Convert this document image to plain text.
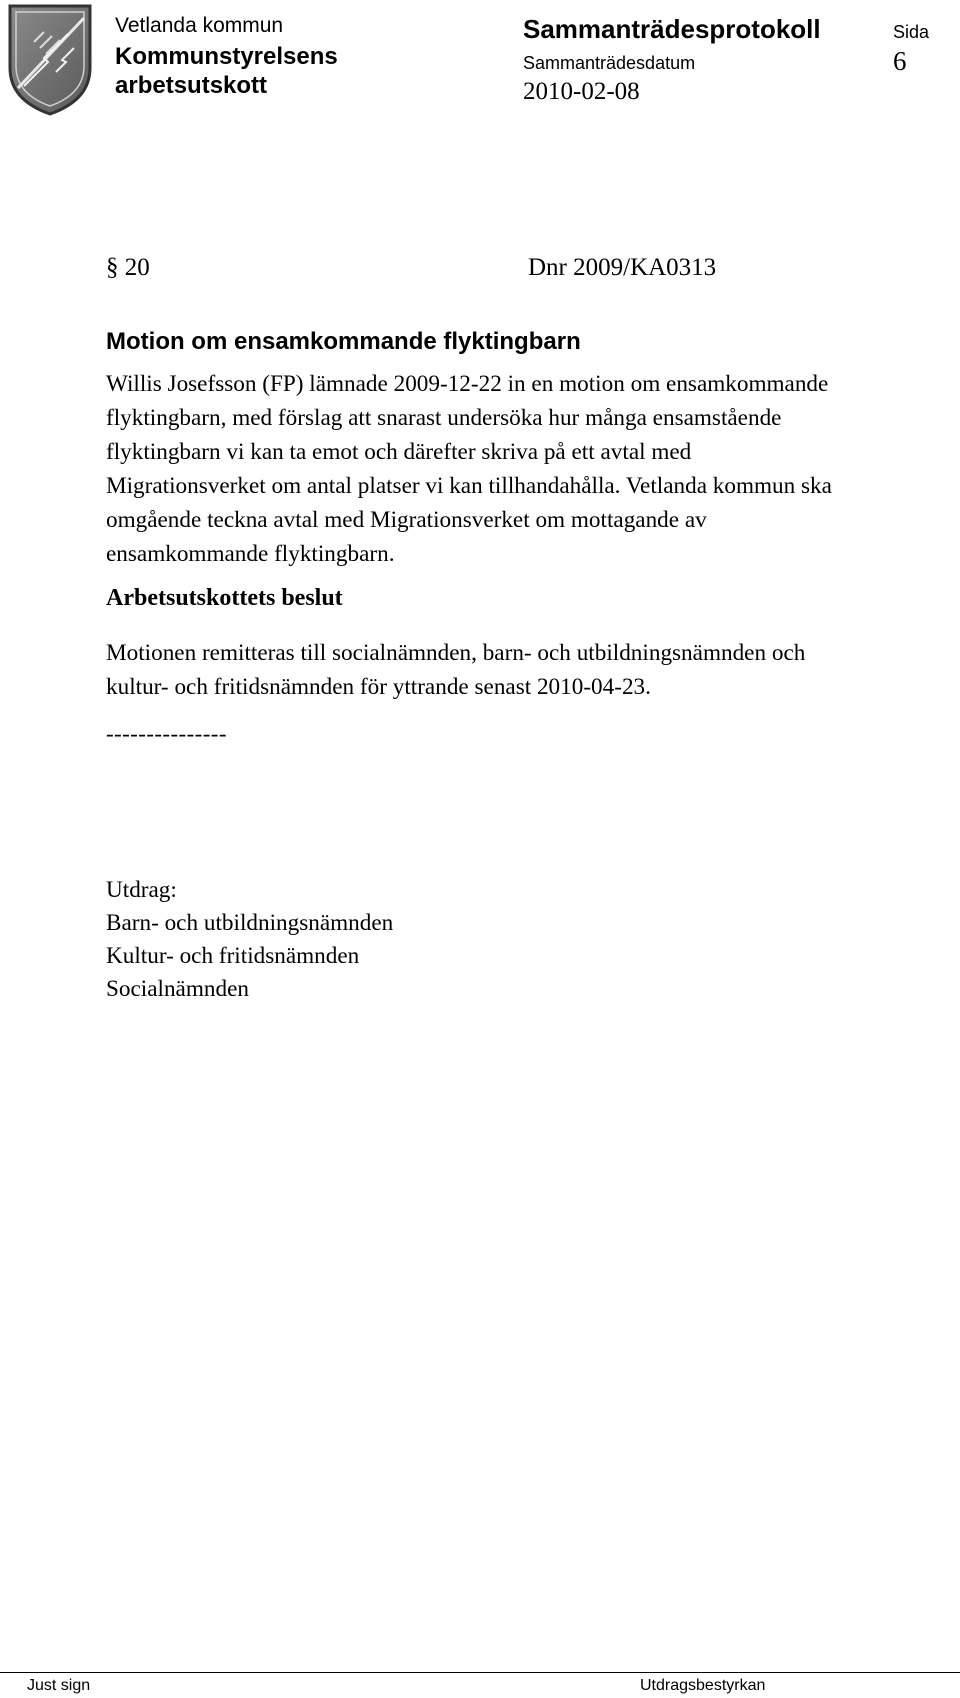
Vetlanda kommun
Kommunstyrelsens
arbetsutskott
Sammanträdesprotokoll
Sammanträdesdatum
2010-02-08
Sida
6
§ 20	Dnr 2009/KA0313
Motion om ensamkommande flyktingbarn
Willis Josefsson (FP) lämnade 2009-12-22 in en motion om ensamkommande
flyktingbarn, med förslag att snarast undersöka hur många ensamstående
flyktingbarn vi kan ta emot och därefter skriva på ett avtal med
Migrationsverket om antal platser vi kan tillhandahålla. Vetlanda kommun ska
omgående teckna avtal med Migrationsverket om mottagande av
ensamkommande flyktingbarn.
Arbetsutskottets beslut
Motionen remitteras till socialnämnden, barn- och utbildningsnämnden och
kultur- och fritidsnämnden för yttrande senast 2010-04-23.
---------------
Utdrag:
Barn- och utbildningsnämnden
Kultur- och fritidsnämnden
Socialnämnden
Just sign	Utdragsbestyrkan
